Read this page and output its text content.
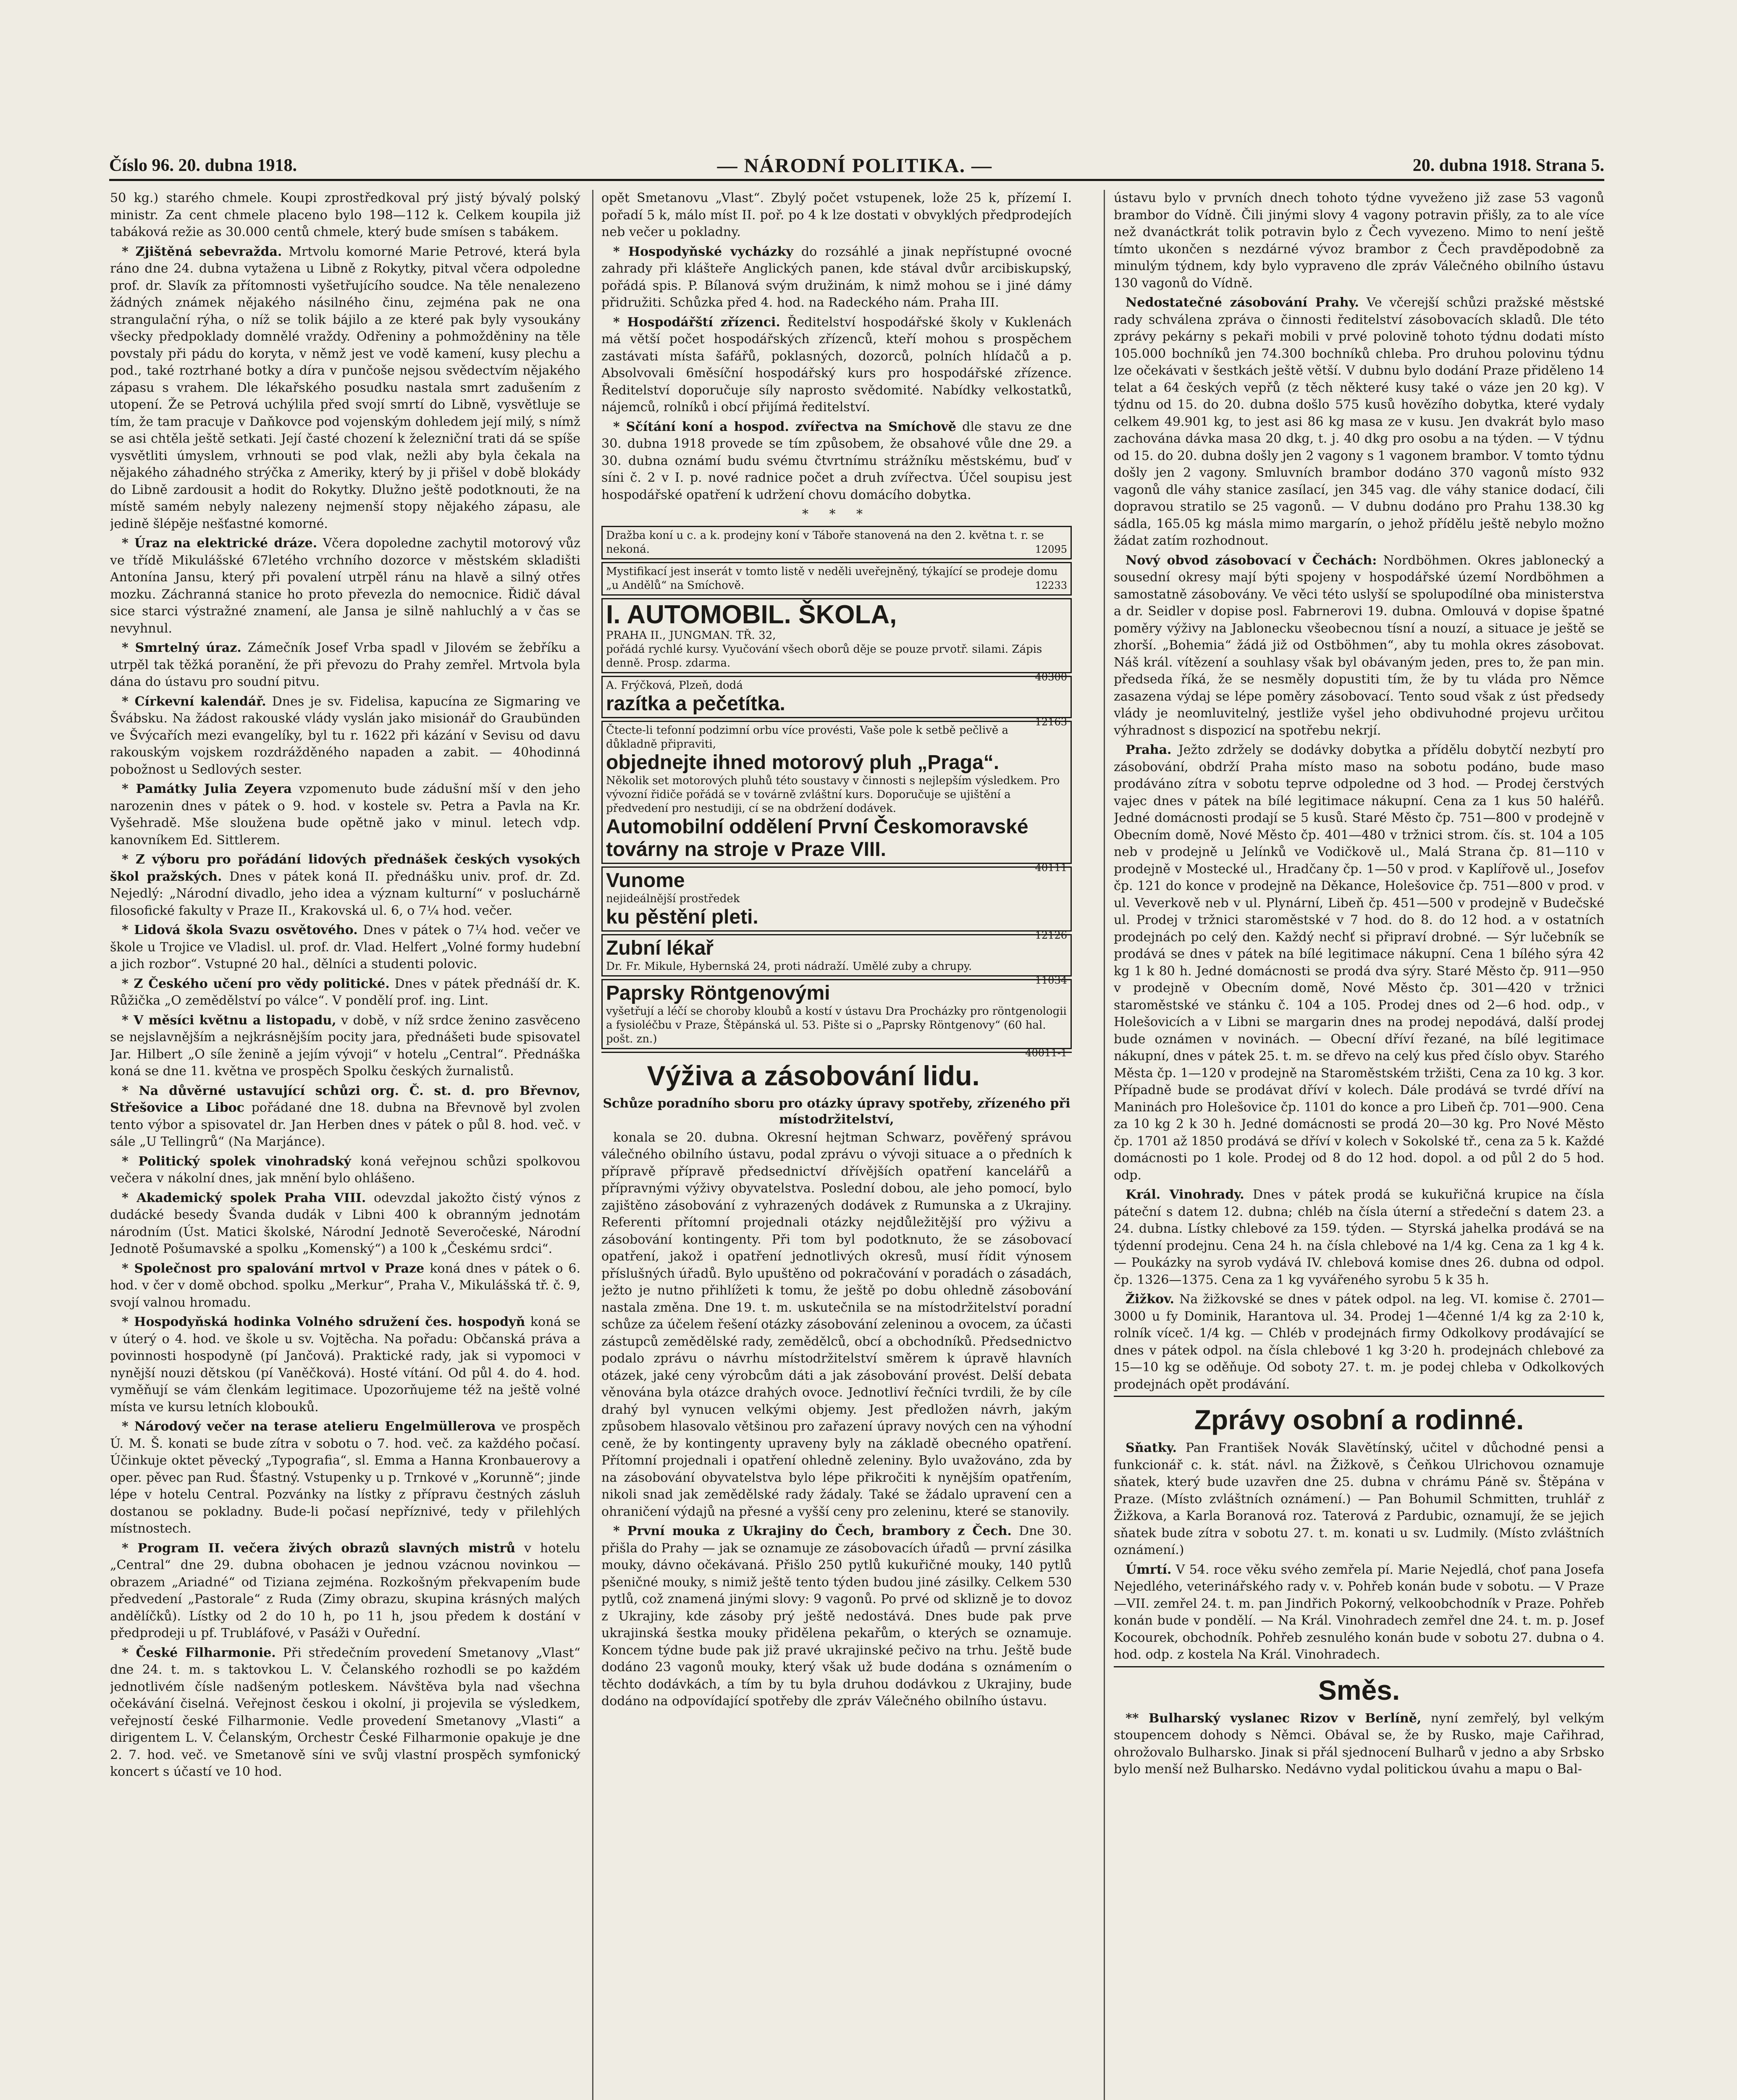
Číslo 96. 20. dubna 1918.	— NÁRODNÍ POLITIKA. —	20. dubna 1918. Strana 5.

50 kg.) starého chmele. Koupi zprostředkoval prý jistý bývalý polský ministr. Za cent chmele placeno bylo 198—112 k. Celkem koupila již tabáková režie as 30.000 centů chmele, který bude smísen s tabákem.

* Zjištěná sebevražda. Mrtvolu komorné Marie Petrové, která byla ráno dne 24. dubna vytažena u Libně z Rokytky, pitval včera odpoledne prof. dr. Slavík za přítomnosti vyšetřujícího soudce. Na těle nenalezeno žádných známek nějakého násilného činu, zejména pak ne ona strangulační rýha, o níž se tolik bájilo a ze které pak byly vysoukány všecky předpoklady domnělé vraždy. Odřeniny a pohmožděniny na těle povstaly při pádu do koryta, v němž jest ve vodě kamení, kusy plechu a pod., také roztrhané botky a díra v punčoše nejsou svědectvím nějakého zápasu s vrahem. Dle lékařského posudku nastala smrt zadušením z utopení. Že se Petrová uchýlila před svojí smrtí do Libně, vysvětluje se tím, že tam pracuje v Daňkovce pod vojenským dohledem její milý, s nímž se asi chtěla ještě setkati. Její časté chození k železniční trati dá se spíše vysvětliti úmyslem, vrhnouti se pod vlak, nežli aby byla čekala na nějakého záhadného strýčka z Ameriky, který by ji přišel v době blokády do Libně zardousit a hodit do Rokytky. Dlužno ještě podotknouti, že na místě samém nebyly nalezeny nejmenší stopy nějakého zápasu, ale jedině šlépěje nešťastné komorné.

* Úraz na elektrické dráze. Včera dopoledne zachytil motorový vůz ve třídě Mikulášské 67letého vrchního dozorce v městském skladišti Antonína Jansu, který při povalení utrpěl ránu na hlavě a silný otřes mozku. Záchranná stanice ho proto převezla do nemocnice. Řidič dával sice starci výstražné znamení, ale Jansa je silně nahluchlý a v čas se nevyhnul.

* Smrtelný úraz. Zámečník Josef Vrba spadl v Jilovém se žebříku a utrpěl tak těžká poranění, že při převozu do Prahy zemřel. Mrtvola byla dána do ústavu pro soudní pitvu.

* Církevní kalendář. Dnes je sv. Fidelisa, kapucína ze Sigmaring ve Švábsku. Na žádost rakouské vlády vyslán jako misionář do Graubünden ve Švýcařích mezi evangelíky, byl tu r. 1622 při kázání v Sevisu od davu rakouským vojskem rozdrážděného napaden a zabit. — 40hodinná pobožnost u Sedlových sester.

* Památky Julia Zeyera vzpomenuto bude zádušní mší v den jeho narozenin dnes v pátek o 9. hod. v kostele sv. Petra a Pavla na Kr. Vyšehradě. Mše sloužena bude opětně jako v minul. letech vdp. kanovníkem Ed. Sittlerem.

* Z výboru pro pořádání lidových přednášek českých vysokých škol pražských. Dnes v pátek koná II. přednášku univ. prof. dr. Zd. Nejedlý: „Národní divadlo, jeho idea a význam kulturní“ v posluchárně filosofické fakulty v Praze II., Krakovská ul. 6, o 7¼ hod. večer.

* Lidová škola Svazu osvětového. Dnes v pátek o 7¼ hod. večer ve škole u Trojice ve Vladisl. ul. prof. dr. Vlad. Helfert „Volné formy hudební a jich rozbor“. Vstupné 20 hal., dělníci a studenti polovic.

* Z Českého učení pro vědy politické. Dnes v pátek přednáší dr. K. Růžička „O zemědělství po válce“. V pondělí prof. ing. Lint.

* V měsíci květnu a listopadu, v době, v níž srdce ženino zasvěceno se nejslavnějším a nejkrásnějším pocity jara, přednášeti bude spisovatel Jar. Hilbert „O síle ženině a jejím vývoji“ v hotelu „Central“. Přednáška koná se dne 11. května ve prospěch Spolku českých žurnalistů.

* Na důvěrné ustavující schůzi org. Č. st. d. pro Břevnov, Střešovice a Liboc pořádané dne 18. dubna na Břevnově byl zvolen tento výbor a spisovatel dr. Jan Herben dnes v pátek o půl 8. hod. več. v sále „U Tellingrů“ (Na Marjánce).

* Politický spolek vinohradský koná veřejnou schůzi spolkovou večera v nákolní dnes, jak mnění bylo ohlášeno.

* Akademický spolek Praha VIII. odevzdal jakožto čistý výnos z dudácké besedy Švanda dudák v Libni 400 k obranným jednotám národním (Úst. Matici školské, Národní Jednotě Severočeské, Národní Jednotě Pošumavské a spolku „Komenský“) a 100 k „Českému srdci“.

* Společnost pro spalování mrtvol v Praze koná dnes v pátek o 6. hod. v čer v domě obchod. spolku „Merkur“, Praha V., Mikulášská tř. č. 9, svojí valnou hromadu.

* Hospodyňská hodinka Volného sdružení čes. hospodyň koná se v úterý o 4. hod. ve škole u sv. Vojtěcha. Na pořadu: Občanská práva a povinnosti hospodyně (pí Jančová). Praktické rady, jak si vypomoci v nynější nouzi dětskou (pí Vaněčková). Hosté vítání. Od půl 4. do 4. hod. vyměňují se vám členkám legitimace. Upozorňujeme též na ještě volné místa ve kursu letních klobouků.

* Národový večer na terase atelieru Engelmüllerova ve prospěch Ú. M. Š. konati se bude zítra v sobotu o 7. hod. več. za každého počasí. Účinkuje oktet pěvecký „Typografia“, sl. Emma a Hanna Kronbauerovy a oper. pěvec pan Rud. Šťastný. Vstupenky u p. Trnkové v „Korunně“; jinde lépe v hotelu Central. Pozvánky na lístky z přípravu čestných zásluh dostanou se pokladny. Bude-li počasí nepříznivé, tedy v přilehlých místnostech.

* Program II. večera živých obrazů slavných mistrů v hotelu „Central“ dne 29. dubna obohacen je jednou vzácnou novinkou — obrazem „Ariadné“ od Tiziana zejména. Rozkošným překvapením bude předvedení „Pastorale“ z Ruda (Zimy obrazu, skupina krásných malých andělíčků). Lístky od 2 do 10 h, po 11 h, jsou předem k dostání v předprodeji u pf. Trubláfové, v Pasáži v Ouřední.

* České Filharmonie. Při středečním provedení Smetanovy „Vlast“ dne 24. t. m. s taktovkou L. V. Čelanského rozhodli se po každém jednotlivém čísle nadšeným potleskem. Návštěva byla nad všechna očekávání čiselná. Veřejnost českou i okolní, ji projevila se výsledkem, veřejností české Filharmonie. Vedle provedení Smetanovy „Vlasti“ a dirigentem L. V. Čelanským, Orchestr České Filharmonie opakuje je dne 2. 7. hod. več. ve Smetanově síni ve svůj vlastní prospěch symfonický koncert s účastí ve 10 hod.

opět Smetanovu „Vlast“. Zbylý počet vstupenek, lože 25 k, přízemí I. pořadí 5 k, málo míst II. poř. po 4 k lze dostati v obvyklých předprodejích neb večer u pokladny.

* Hospodyňské vycházky do rozsáhlé a jinak nepřístupné ovocné zahrady při klášteře Anglických panen, kde stával dvůr arcibiskupský, pořádá spis. P. Bílanová svým družinám, k nimž mohou se i jiné dámy přidružiti. Schůzka před 4. hod. na Radeckého nám. Praha III.

* Hospodářští zřízenci. Ředitelství hospodářské školy v Kuklenách má větší počet hospodářských zřízenců, kteří mohou s prospěchem zastávati místa šafářů, poklasných, dozorců, polních hlídačů a p. Absolvovali 6měsíční hospodářský kurs pro hospodářské zřízence. Ředitelství doporučuje síly naprosto svědomité. Nabídky velkostatků, nájemců, rolníků i obcí přijímá ředitelství.

* Sčítání koní a hospod. zvířectva na Smíchově dle stavu ze dne 30. dubna 1918 provede se tím způsobem, že obsahové vůle dne 29. a 30. dubna oznámí budu svému čtvrtnímu strážníku městskému, buď v síni č. 2 v I. p. nové radnice počet a druh zvířectva. Účel soupisu jest hospodářské opatření k udržení chovu domácího dobytka.

* * *
Dražba koní u c. a k. prodejny koní v Táboře stanovená na den 2. května t. r. se nekoná.	12095
Mystifikací jest inserát v tomto listě v neděli uveřejněný, týkající se prodeje domu „u Andělů“ na Smíchově.	12233
I. AUTOMOBIL. ŠKOLA,
PRAHA II., JUNGMAN. TŘ. 32,
pořádá rychlé kursy. Vyučování všech oborů děje se pouze prvotř. silami. Zápis denně. Prosp. zdarma.
40300
A. Frýčková, Plzeň, dodá
razítka a pečetítka.
12163
Čtecte-li tefonní podzimní orbu více provésti, Vaše pole k setbě pečlivě a důkladně připraviti,
objednejte ihned motorový pluh „Praga“.
Několik set motorových pluhů této soustavy v činnosti s nejlepším výsledkem. Pro vývozní řidiče pořádá se v továrně zvláštní kurs. Doporučuje se ujištění a předvedení pro nestudiji, cí se na obdržení dodávek.
Automobilní oddělení První Českomoravské továrny na stroje v Praze VIII.
40111
Vunome
nejideálnější prostředek
ku pěstění pleti.
12126
Zubní lékař
Dr. Fr. Mikule, Hybernská 24, proti nádraží. Umělé zuby a chrupy.
11034
Paprsky Röntgenovými
vyšetřují a léčí se choroby kloubů a kostí v ústavu Dra Procházky pro röntgenologii a fysioléčbu v Praze, Štěpánská ul. 53. Pište si o „Paprsky Röntgenovy“ (60 hal. pošt. zn.)
40011-1
Výživa a zásobování lidu.
Schůze poradního sboru pro otázky úpravy spotřeby, zřízeného při místodržitelství,

konala se 20. dubna. Okresní hejtman Schwarz, pověřený správou válečného obilního ústavu, podal zprávu o vývoji situace a o předních k přípravě přípravě předsednictví dřívějších opatření kancelářů a přípravnými výživy obyvatelstva. Poslední dobou, ale jeho pomocí, bylo zajištěno zásobování z vyhrazených dodávek z Rumunska a z Ukrajiny. Referenti přítomní projednali otázky nejdůležitější pro výživu a zásobování kontingenty. Při tom byl podotknuto, že se zásobovací opatření, jakož i opatření jednotlivých okresů, musí řídit výnosem příslušných úřadů. Bylo upuštěno od pokračování v poradách o zásadách, ježto je nutno přihlížeti k tomu, že ještě po dobu ohledně zásobování nastala změna. Dne 19. t. m. uskutečnila se na místodržitelství poradní schůze za účelem řešení otázky zásobování zeleninou a ovocem, za účasti zástupců zemědělské rady, zemědělců, obcí a obchodníků. Předsednictvo podalo zprávu o návrhu místodržitelství směrem k úpravě hlavních otázek, jaké ceny výrobcům dáti a jak zásobování provést. Delší debata věnována byla otázce drahých ovoce. Jednotliví řečníci tvrdili, že by cíle drahý byl vynucen velkými objemy. Jest předložen návrh, jakým způsobem hlasovalo většinou pro zařazení úpravy nových cen na výhodní ceně, že by kontingenty upraveny byly na základě obecného opatření. Přítomní projednali i opatření ohledně zeleniny. Bylo uvažováno, zda by na zásobování obyvatelstva bylo lépe přikročiti k nynějším opatřením, nikoli snad jak zemědělské rady žádaly. Také se žádalo upravení cen a ohraničení výdajů na přesné a vyšší ceny pro zeleninu, které se stanovily.

* První mouka z Ukrajiny do Čech, brambory z Čech. Dne 30. přišla do Prahy — jak se oznamuje ze zásobovacích úřadů — první zásilka mouky, dávno očekávaná. Přišlo 250 pytlů kukuřičné mouky, 140 pytlů pšeničné mouky, s nimiž ještě tento týden budou jiné zásilky. Celkem 530 pytlů, což znamená jinými slovy: 9 vagonů. Po prvé od sklizně je to dovoz z Ukrajiny, kde zásoby prý ještě nedostává. Dnes bude pak prve ukrajinská šestka mouky přidělena pekařům, o kterých se oznamuje. Koncem týdne bude pak již pravé ukrajinské pečivo na trhu. Ještě bude dodáno 23 vagonů mouky, který však už bude dodána s oznámením o těchto dodávkách, a tím by tu byla druhou dodávkou z Ukrajiny, bude dodáno na odpovídající spotřeby dle zpráv Válečného obilního ústavu.

ústavu bylo v prvních dnech tohoto týdne vyveženo již zase 53 vagonů brambor do Vídně. Čili jinými slovy 4 vagony potravin přišly, za to ale více než dvanáctkrát tolik potravin bylo z Čech vyvezeno. Mimo to není ještě tímto ukončen s nezdárné vývoz brambor z Čech pravděpodobně za minulým týdnem, kdy bylo vypraveno dle zpráv Válečného obilního ústavu 130 vagonů do Vídně.

Nedostatečné zásobování Prahy. Ve včerejší schůzi pražské městské rady schválena zpráva o činnosti ředitelství zásobovacích skladů. Dle této zprávy pekárny s pekaři mobili v prvé polovině tohoto týdnu dodati místo 105.000 bochníků jen 74.300 bochníků chleba. Pro druhou polovinu týdnu lze očekávati v šestkách ještě větší. V dubnu bylo dodání Praze přiděleno 14 telat a 64 českých vepřů (z těch některé kusy také o váze jen 20 kg). V týdnu od 15. do 20. dubna došlo 575 kusů hovězího dobytka, které vydaly celkem 49.901 kg, to jest asi 86 kg masa ze v kusu. Jen dvakrát bylo maso zachována dávka masa 20 dkg, t. j. 40 dkg pro osobu a na týden. — V týdnu od 15. do 20. dubna došly jen 2 vagony s 1 vagonem brambor. V tomto týdnu došly jen 2 vagony. Smluvních brambor dodáno 370 vagonů místo 932 vagonů dle váhy stanice zasílací, jen 345 vag. dle váhy stanice dodací, čili dopravou stratilo se 25 vagonů. — V dubnu dodáno pro Prahu 138.30 kg sádla, 165.05 kg másla mimo margarín, o jehož přídělu ještě nebylo možno žádat zatím rozhodnout.

Nový obvod zásobovací v Čechách: Nordböhmen. Okres jablonecký a sousední okresy mají býti spojeny v hospodářské území Nordböhmen a samostatně zásobovány. Ve věci této uslyší se spolupodílné oba ministerstva a dr. Seidler v dopise posl. Fabrnerovi 19. dubna. Omlouvá v dopise špatné poměry výživy na Jablonecku všeobecnou tísní a nouzí, a situace je ještě se zhorší. „Bohemia“ žádá již od Ostböhmen“, aby tu mohla okres zásobovat. Náš král. vítězení a souhlasy však byl obávaným jeden, pres to, že pan min. předseda říká, že se nesměly dopustiti tím, že by tu vláda pro Němce zasazena výdaj se lépe poměry zásobovací. Tento soud však z úst předsedy vlády je neomluvitelný, jestliže vyšel jeho obdivuhodné projevu určitou výhradnost s dispozicí na spotřebu nekrjí.

Praha. Ježto zdržely se dodávky dobytka a přídělu dobytčí nezbytí pro zásobování, obdrží Praha místo maso na sobotu podáno, bude maso prodáváno zítra v sobotu teprve odpoledne od 3 hod. — Prodej čerstvých vajec dnes v pátek na bílé legitimace nákupní. Cena za 1 kus 50 haléřů. Jedné domácnosti prodají se 5 kusů. Staré Město čp. 751—800 v prodejně v Obecním domě, Nové Město čp. 401—480 v tržnici strom. čís. st. 104 a 105 neb v prodejně u Jelínků ve Vodičkově ul., Malá Strana čp. 81—110 v prodejně v Mostecké ul., Hradčany čp. 1—50 v prod. v Kaplířově ul., Josefov čp. 121 do konce v prodejně na Děkance, Holešovice čp. 751—800 v prod. v ul. Veverkově neb v ul. Plynární, Libeň čp. 451—500 v prodejně v Budečské ul. Prodej v tržnici staroměstské v 7 hod. do 8. do 12 hod. a v ostatních prodejnách po celý den. Každý nechť si připraví drobné. — Sýr lučebník se prodává se dnes v pátek na bílé legitimace nákupní. Cena 1 bílého sýra 42 kg 1 k 80 h. Jedné domácnosti se prodá dva sýry. Staré Město čp. 911—950 v prodejně v Obecním domě, Nové Město čp. 301—420 v tržnici staroměstské ve stánku č. 104 a 105. Prodej dnes od 2—6 hod. odp., v Holešovicích a v Libni se margarin dnes na prodej nepodává, další prodej bude oznámen v novinách. — Obecní dříví řezané, na bílé legitimace nákupní, dnes v pátek 25. t. m. se dřevo na celý kus před číslo obyv. Starého Města čp. 1—120 v prodejně na Staroměstském tržišti, Cena za 10 kg. 3 kor. Případně bude se prodávat dříví v kolech. Dále prodává se tvrdé dříví na Maninách pro Holešovice čp. 1101 do konce a pro Libeň čp. 701—900. Cena za 10 kg 2 k 30 h. Jedné domácnosti se prodá 20—30 kg. Pro Nové Město čp. 1701 až 1850 prodává se dříví v kolech v Sokolské tř., cena za 5 k. Každé domácnosti po 1 kole. Prodej od 8 do 12 hod. dopol. a od půl 2 do 5 hod. odp.

Král. Vinohrady. Dnes v pátek prodá se kukuřičná krupice na čísla páteční s datem 12. dubna; chléb na čísla úterní a středeční s datem 23. a 24. dubna. Lístky chlebové za 159. týden. — Styrská jahelka prodává se na týdenní prodejnu. Cena 24 h. na čísla chlebové na 1/4 kg. Cena za 1 kg 4 k. — Poukázky na syrob vydává IV. chlebová komise dnes 26. dubna od odpol. čp. 1326—1375. Cena za 1 kg vyvářeného syrobu 5 k 35 h.

Žižkov. Na žižkovské se dnes v pátek odpol. na leg. VI. komise č. 2701—3000 u fy Dominik, Harantova ul. 34. Prodej 1—4čenné 1/4 kg za 2·10 k, rolník víceč. 1/4 kg. — Chléb v prodejnách firmy Odkolkovy prodávající se dnes v pátek odpol. na čísla chlebové 1 kg 3·20 h. prodejnách chlebové za 15—10 kg se oděňuje. Od soboty 27. t. m. je podej chleba v Odkolkových prodejnách opět prodávání.

Zprávy osobní a rodinné.

Sňatky. Pan František Novák Slavětínský, učitel v důchodné pensi a funkcionář c. k. stát. návl. na Žižkově, s Čeňkou Ulrichovou oznamuje sňatek, který bude uzavřen dne 25. dubna v chrámu Páně sv. Štěpána v Praze. (Místo zvláštních oznámení.) — Pan Bohumil Schmitten, truhlář z Žižkova, a Karla Boranová roz. Taterová z Pardubic, oznamují, že se jejich sňatek bude zítra v sobotu 27. t. m. konati u sv. Ludmily. (Místo zvláštních oznámení.)

Úmrtí. V 54. roce věku svého zemřela pí. Marie Nejedlá, choť pana Josefa Nejedlého, veterinářského rady v. v. Pohřeb konán bude v sobotu. — V Praze—VII. zemřel 24. t. m. pan Jindřich Pokorný, velkoobchodník v Praze. Pohřeb konán bude v pondělí. — Na Král. Vinohradech zemřel dne 24. t. m. p. Josef Kocourek, obchodník. Pohřeb zesnulého konán bude v sobotu 27. dubna o 4. hod. odp. z kostela Na Král. Vinohradech.

Směs.

** Bulharský vyslanec Rizov v Berlíně, nyní zemřelý, byl velkým stoupencem dohody s Němci. Obával se, že by Rusko, maje Cařihrad, ohrožovalo Bulharsko. Jinak si přál sjednocení Bulharů v jedno a aby Srbsko bylo menší než Bulharsko. Nedávno vydal politickou úvahu a mapu o Bal-
